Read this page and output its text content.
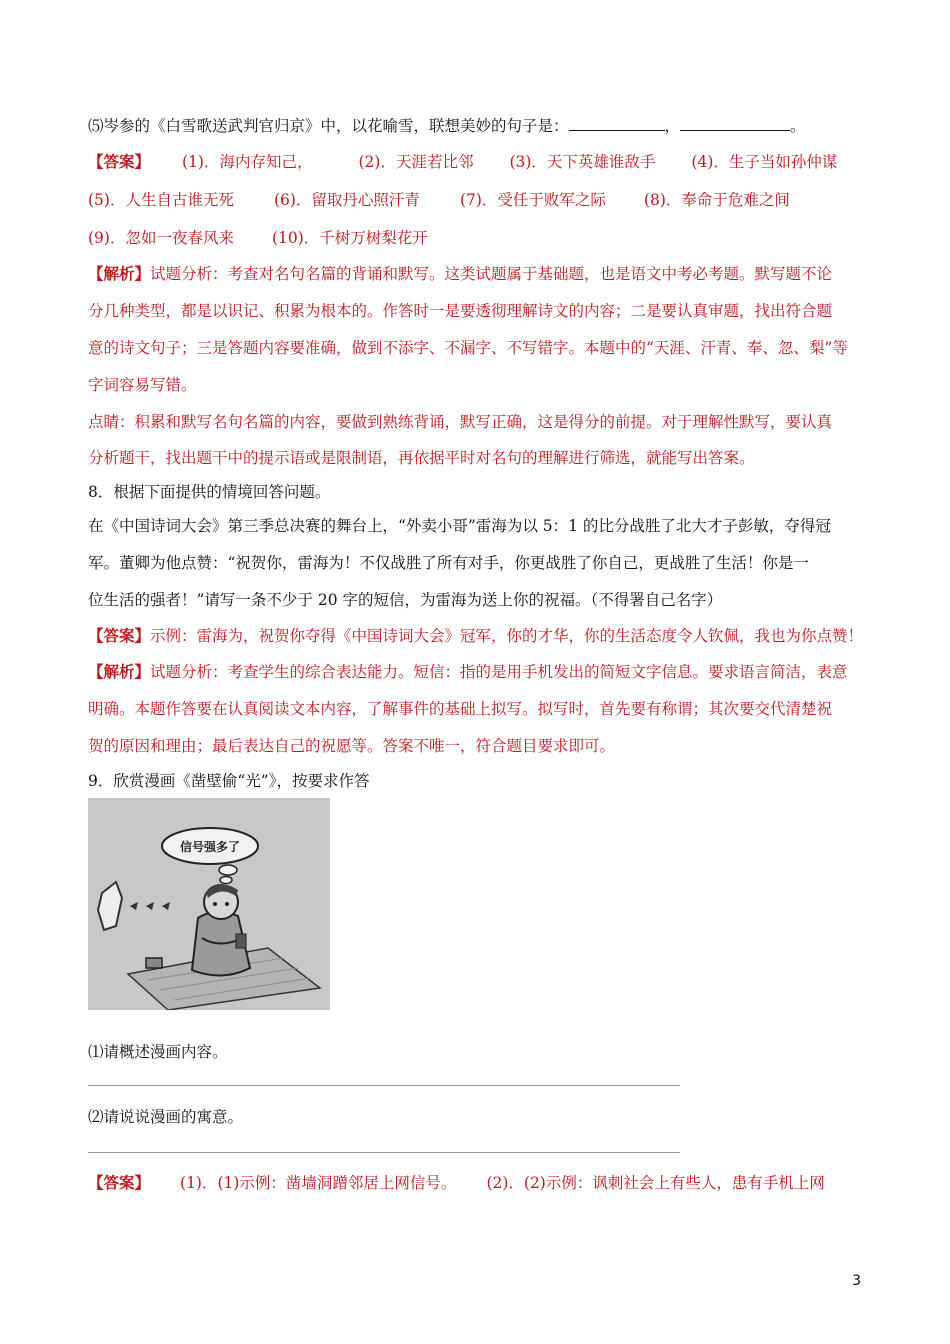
⑸岑参的《白雪歌送武判官归京》中，以花喻雪，联想美妙的句子是：	，	。
【答案】 (1)．海内存知己，	(2)．天涯若比邻 (3)．天下英雄谁敌手 (4)．生子当如孙仲谋
(5)．人生自古谁无死	(6)．留取丹心照汗青	(7)．受任于败军之际 (8)．奉命于危难之间
(9)．忽如一夜春风来 (10)．千树万树梨花开
【解析】试题分析：考查对名句名篇的背诵和默写。这类试题属于基础题，也是语文中考必考题。默写题不论
分几种类型，都是以识记、积累为根本的。作答时一是要透彻理解诗文的内容；二是要认真审题，找出符合题
意的诗文句子；三是答题内容要准确，做到不添字、不漏字、不写错字。本题中的“天涯、汗青、奉、忽、梨”等
字词容易写错。
点睛：积累和默写名句名篇的内容，要做到熟练背诵，默写正确，这是得分的前提。对于理解性默写，要认真
分析题干，找出题干中的提示语或是限制语，再依据平时对名句的理解进行筛选，就能写出答案。
8．根据下面提供的情境回答问题。
在《中国诗词大会》第三季总决赛的舞台上，“外卖小哥”雷海为以 5：1 的比分战胜了北大才子彭敏，夺得冠
军。董卿为他点赞：“祝贺你，雷海为！不仅战胜了所有对手，你更战胜了你自己，更战胜了生活！你是一
位生活的强者！”请写一条不少于 20 字的短信，为雷海为送上你的祝福。（不得署自己名字）
【答案】示例：雷海为，祝贺你夺得《中国诗词大会》冠军，你的才华，你的生活态度令人钦佩，我也为你点赞！
【解析】试题分析：考查学生的综合表达能力。短信：指的是用手机发出的简短文字信息。要求语言简洁，表意
明确。本题作答要在认真阅读文本内容，了解事件的基础上拟写。拟写时，首先要有称谓；其次要交代清楚祝
贺的原因和理由；最后表达自己的祝愿等。答案不唯一，符合题目要求即可。
9．欣赏漫画《凿壁偷“光”》，按要求作答
信号强多了
⑴请概述漫画内容。
⑵请说说漫画的寓意。
【答案】 (1)．(1)示例：凿墙洞蹭邻居上网信号。 (2)．(2)示例：讽刺社会上有些人，患有手机上网
3
